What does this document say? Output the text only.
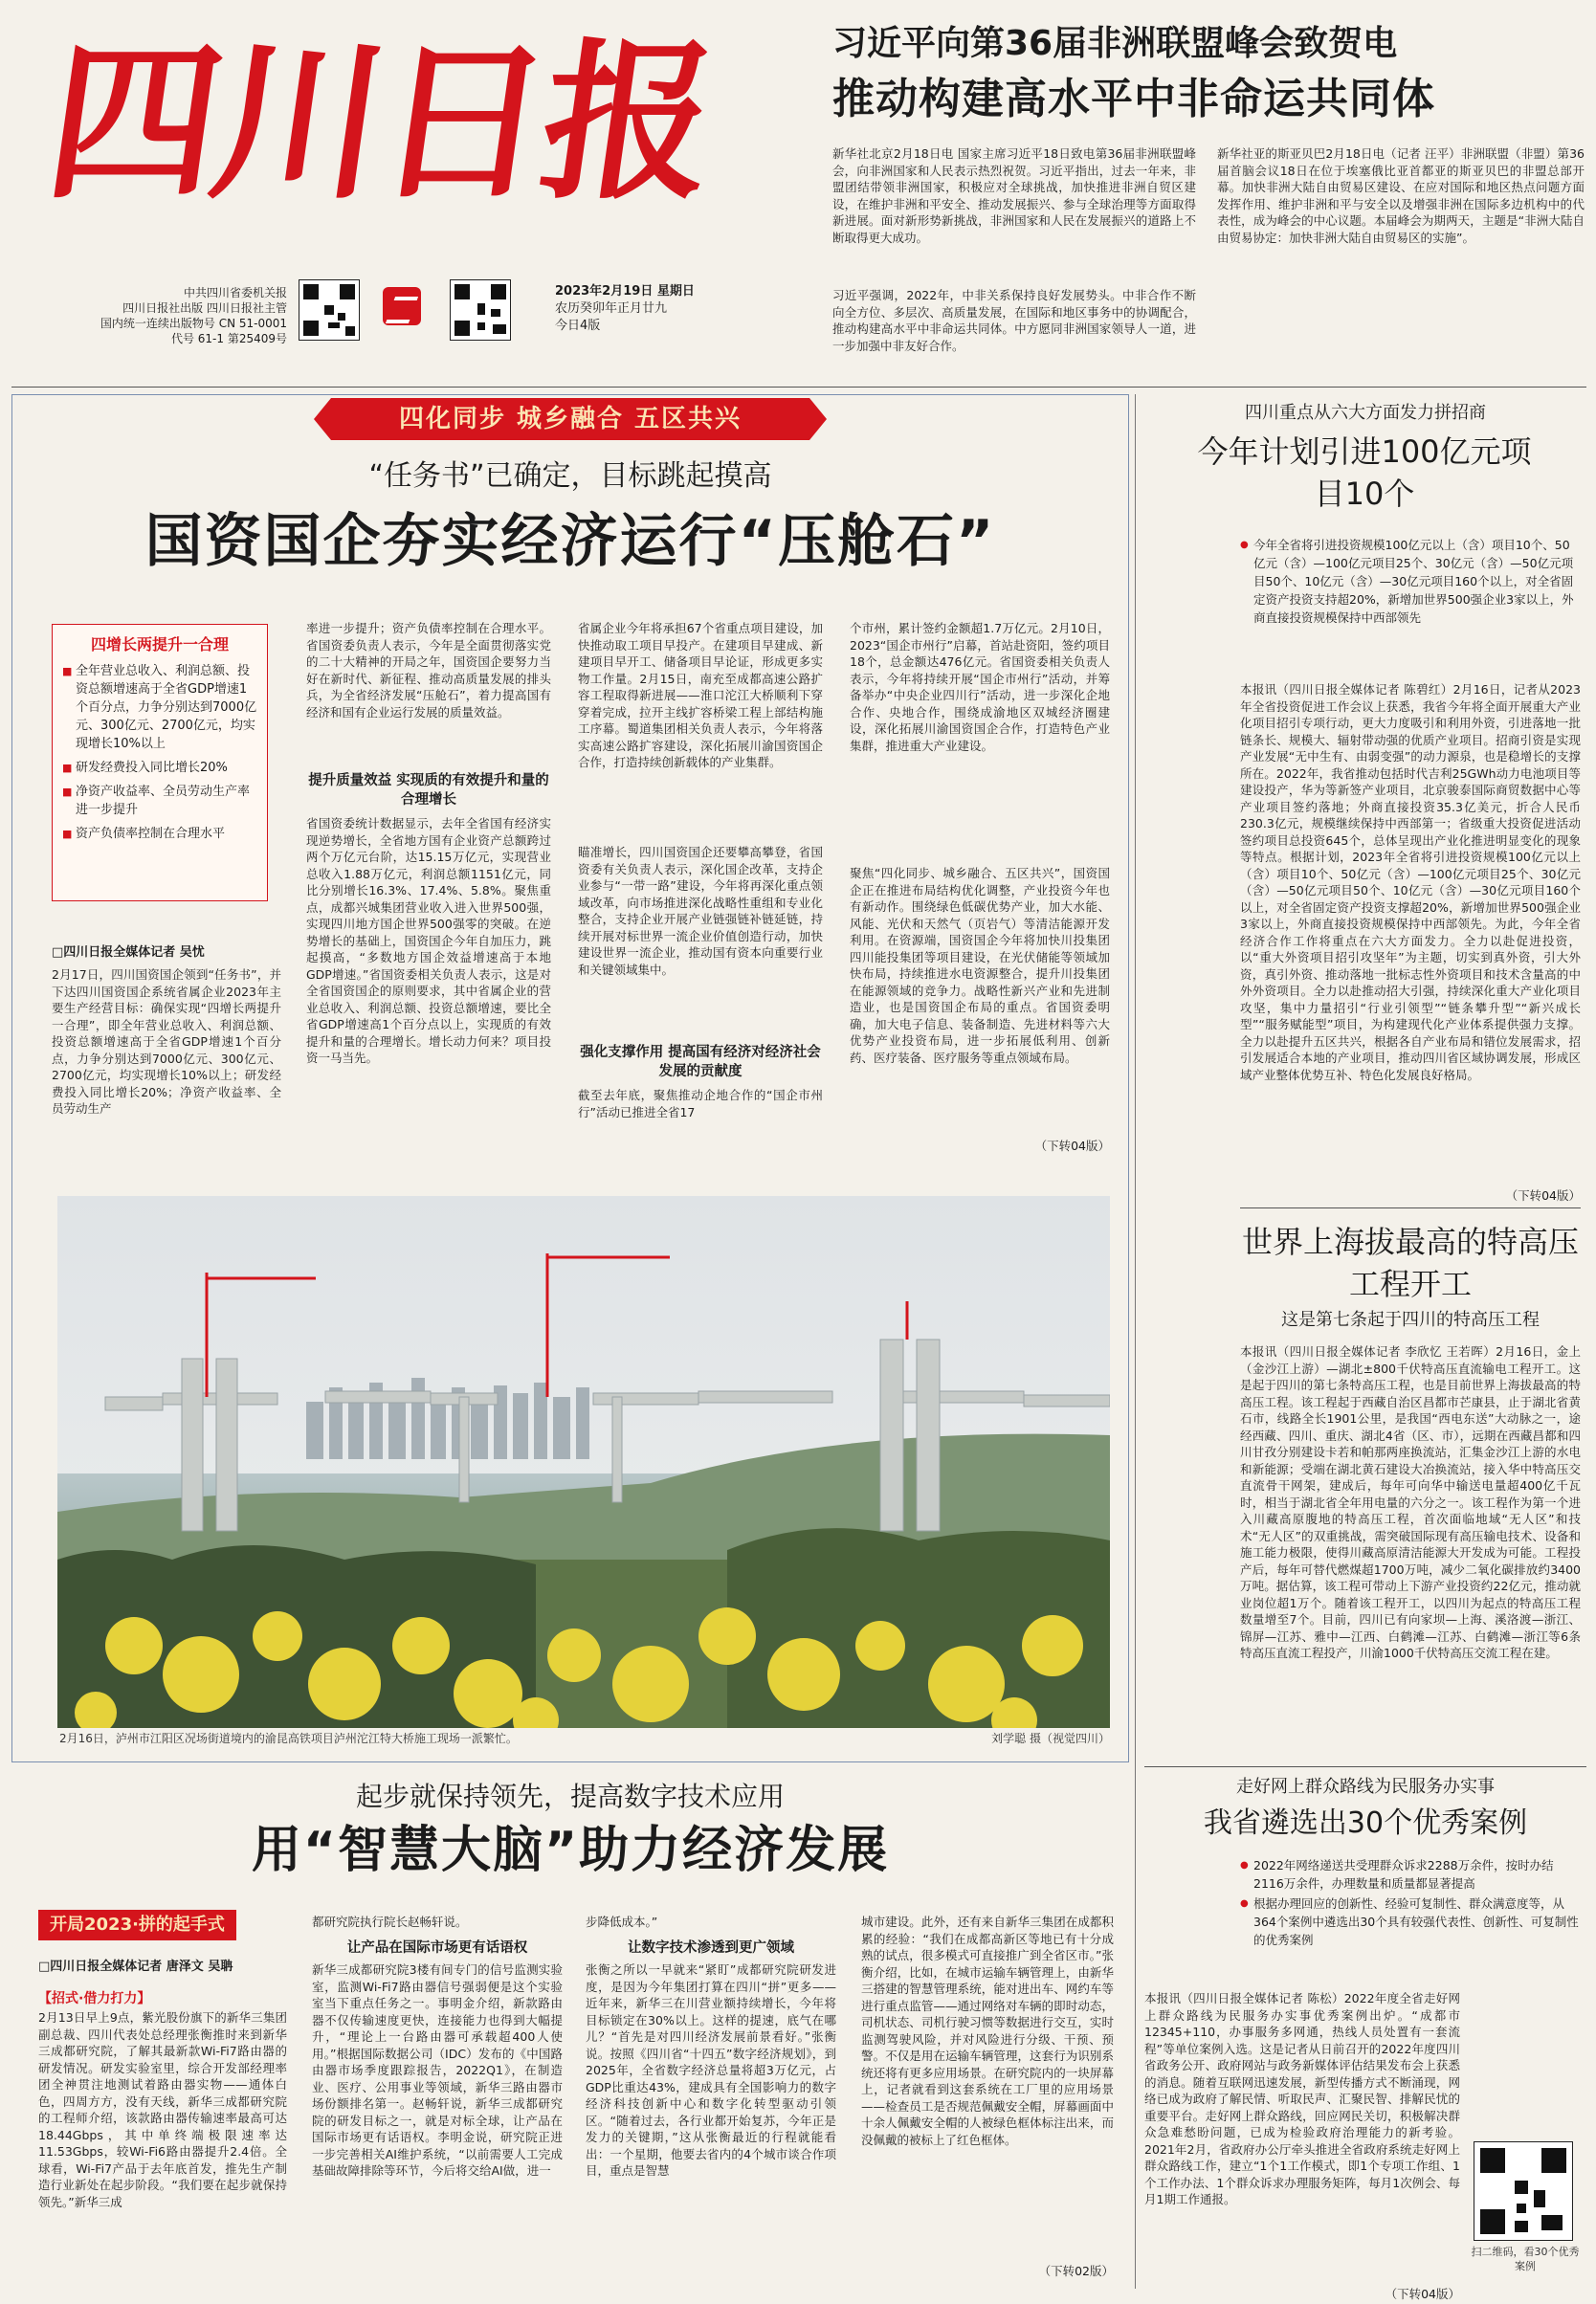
四川日报
中共四川省委机关报
四川日报社出版 四川日报社主管
国内统一连续出版物号 CN 51-0001
代号 61-1 第25409号
2023年2月19日 星期日
农历癸卯年正月廿九
今日4版
习近平向第36届非洲联盟峰会致贺电
推动构建高水平中非命运共同体
新华社北京2月18日电 国家主席习近平18日致电第36届非洲联盟峰会，向非洲国家和人民表示热烈祝贺。习近平指出，过去一年来，非盟团结带领非洲国家，积极应对全球挑战，加快推进非洲自贸区建设，在维护非洲和平安全、推动发展振兴、参与全球治理等方面取得新进展。面对新形势新挑战，非洲国家和人民在发展振兴的道路上不断取得更大成功。
习近平强调，2022年，中非关系保持良好发展势头。中非合作不断向全方位、多层次、高质量发展，在国际和地区事务中的协调配合，推动构建高水平中非命运共同体。中方愿同非洲国家领导人一道，进一步加强中非友好合作。
新华社亚的斯亚贝巴2月18日电（记者 汪平）非洲联盟（非盟）第36届首脑会议18日在位于埃塞俄比亚首都亚的斯亚贝巴的非盟总部开幕。加快非洲大陆自由贸易区建设、在应对国际和地区热点问题方面发挥作用、维护非洲和平与安全以及增强非洲在国际多边机构中的代表性，成为峰会的中心议题。本届峰会为期两天，主题是“非洲大陆自由贸易协定：加快非洲大陆自由贸易区的实施”。
四化同步 城乡融合 五区共兴
“任务书”已确定，目标跳起摸高
国资国企夯实经济运行“压舱石”
四增长两提升一合理
■ 全年营业总收入、利润总额、投资总额增速高于全省GDP增速1个百分点，力争分别达到7000亿元、300亿元、2700亿元，均实现增长10%以上
■ 研发经费投入同比增长20%
■ 净资产收益率、全员劳动生产率进一步提升
■ 资产负债率控制在合理水平
□四川日报全媒体记者 吴忧
2月17日，四川国资国企领到“任务书”，并下达四川国资国企系统省属企业2023年主要生产经营目标：确保实现“四增长两提升一合理”，即全年营业总收入、利润总额、投资总额增速高于全省GDP增速1个百分点，力争分别达到7000亿元、300亿元、2700亿元，均实现增长10%以上；研发经费投入同比增长20%；净资产收益率、全员劳动生产
率进一步提升；资产负债率控制在合理水平。省国资委负责人表示，今年是全面贯彻落实党的二十大精神的开局之年，国资国企要努力当好在新时代、新征程、推动高质量发展的排头兵，为全省经济发展“压舱石”，着力提高国有经济和国有企业运行发展的质量效益。
提升质量效益 实现质的有效提升和量的合理增长
省国资委统计数据显示，去年全省国有经济实现逆势增长，全省地方国有企业资产总额跨过两个万亿元台阶，达15.15万亿元，实现营业总收入1.88万亿元，利润总额1151亿元，同比分别增长16.3%、17.4%、5.8%。聚焦重点，成都兴城集团营业收入进入世界500强，实现四川地方国企世界500强零的突破。在逆势增长的基础上，国资国企今年自加压力，跳起摸高，“多数地方国企效益增速高于本地GDP增速。”省国资委相关负责人表示，这是对全省国资国企的原则要求，其中省属企业的营业总收入、利润总额、投资总额增速，要比全省GDP增速高1个百分点以上，实现质的有效提升和量的合理增长。增长动力何来？项目投资一马当先。
省属企业今年将承担67个省重点项目建设，加快推动取工项目早投产。在建项目早建成、新建项目早开工、储备项目早论证，形成更多实物工作量。2月15日，南充至成都高速公路扩容工程取得新进展——淮口沱江大桥顺利下穿穿着完成，拉开主线扩容桥梁工程上部结构施工序幕。蜀道集团相关负责人表示，今年将落实高速公路扩容建设，深化拓展川渝国资国企合作，打造持续创新载体的产业集群。
瞄准增长，四川国资国企还要攀高攀登，省国资委有关负责人表示，深化国企改革，支持企业参与“一带一路”建设，今年将再深化重点领域改革，向市场推进深化战略性重组和专业化整合，支持企业开展产业链强链补链延链，持续开展对标世界一流企业价值创造行动，加快建设世界一流企业，推动国有资本向重要行业和关键领域集中。
强化支撑作用 提高国有经济对经济社会发展的贡献度
截至去年底，聚焦推动企地合作的“国企市州行”活动已推进全省17
个市州，累计签约金额超1.7万亿元。2月10日，2023“国企市州行”启幕，首站赴资阳，签约项目18个，总金额达476亿元。省国资委相关负责人表示，今年将持续开展“国企市州行”活动，并筹备举办“中央企业四川行”活动，进一步深化企地合作、央地合作，围绕成渝地区双城经济圈建设，深化拓展川渝国资国企合作，打造特色产业集群，推进重大产业建设。
聚焦“四化同步、城乡融合、五区共兴”，国资国企正在推进布局结构优化调整，产业投资今年也有新动作。围绕绿色低碳优势产业，加大水能、风能、光伏和天然气（页岩气）等清洁能源开发利用。在资源端，国资国企今年将加快川投集团四川能投集团等项目建设，在光伏储能等领域加快布局，持续推进水电资源整合，提升川投集团在能源领域的竞争力。战略性新兴产业和先进制造业，也是国资国企布局的重点。省国资委明确，加大电子信息、装备制造、先进材料等六大优势产业投资布局，进一步拓展低利用、创新药、医疗装备、医疗服务等重点领域布局。
（下转04版）
2月16日，泸州市江阳区况场街道境内的渝昆高铁项目泸州沱江特大桥施工现场一派繁忙。	刘学聪 摄（视觉四川）
起步就保持领先，提高数字技术应用
用“智慧大脑”助力经济发展
开局2023·拼的起手式
□四川日报全媒体记者 唐泽文 吴聃
【招式·借力打力】
2月13日早上9点，紫光股份旗下的新华三集团副总裁、四川代表处总经理张衡推时来到新华三成都研究院，了解其最新款Wi-Fi7路由器的研发情况。研发实验室里，综合开发部经理率团全神贯注地测试着路由器实物——通体白色，四周方方，没有天线，新华三成都研究院的工程师介绍，该款路由器传输速率最高可达18.44Gbps，其中单终端极限速率达11.53Gbps，较Wi-Fi6路由器提升2.4倍。全球看，Wi-Fi7产品于去年底首发，推先生产制造行业新处在起步阶段。“我们要在起步就保持领先。”新华三成
都研究院执行院长赵畅轩说。
让产品在国际市场更有话语权
新华三成都研究院3楼有间专门的信号监测实验室，监测Wi-Fi7路由器信号强弱便是这个实验室当下重点任务之一。事明金介绍，新款路由器不仅传输速度更快，连接能力也得到大幅提升，“理论上一台路由器可承载超400人使用。”根据国际数据公司（IDC）发布的《中国路由器市场季度跟踪报告，2022Q1》，在制造业、医疗、公用事业等领域，新华三路由器市场份额排名第一。赵畅轩说，新华三成都研究院的研发目标之一，就是对标全球，让产品在国际市场更有话语权。李明金说，研究院正进一步完善相关AI维护系统，“以前需要人工完成基础故障排除等环节，今后将交给AI做，进一
步降低成本。”
让数字技术渗透到更广领域
张衡之所以一早就来“紧盯”成都研究院研发进度，是因为今年集团打算在四川“拼”更多——近年来，新华三在川营业额持续增长，今年将目标锁定在30%以上。这样的提速，底气在哪儿？“首先是对四川经济发展前景看好。”张衡说。按照《四川省“十四五”数字经济规划》，到2025年，全省数字经济总量将超3万亿元，占GDP比重达43%，建成具有全国影响力的数字经济科技创新中心和数字化转型驱动引领区。“随着过去，各行业都开始复苏，今年正是发力的关键期，”这从张衡最近的行程就能看出：一个星期，他要去省内的4个城市谈合作项目，重点是智慧
城市建设。此外，还有来自新华三集团在成都积累的经验：“我们在成都高新区等地已有十分成熟的试点，很多模式可直接推广到全省区市。”张衡介绍，比如，在城市运输车辆管理上，由新华三搭建的智慧管理系统，能对进出车、网约车等进行重点监管——通过网络对车辆的即时动态，司机状态、司机行驶习惯等数据进行交互，实时监测驾驶风险，并对风险进行分级、干预、预警。不仅是用在运输车辆管理，这套行为识别系统还将有更多应用场景。在研究院内的一块屏幕上，记者就看到这套系统在工厂里的应用场景——检查员工是否规范佩戴安全帽，屏幕画面中十余人佩戴安全帽的人被绿色框体标注出来，而没佩戴的被标上了红色框体。
（下转02版）
四川重点从六大方面发力拼招商
今年计划引进100亿元项目10个

● 今年全省将引进投资规模100亿元以上（含）项目10个、50亿元（含）—100亿元项目25个、30亿元（含）—50亿元项目50个、10亿元（含）—30亿元项目160个以上，对全省固定资产投资支持超20%，新增加世界500强企业3家以上，外商直接投资规模保持中西部领先

本报讯（四川日报全媒体记者 陈碧红）2月16日，记者从2023年全省投资促进工作会议上获悉，我省今年将全面开展重大产业化项目招引专项行动，更大力度吸引和利用外资，引进落地一批链条长、规模大、辐射带动强的优质产业项目。招商引资是实现产业发展“无中生有、由弱变强”的动力源泉，也是稳增长的支撑所在。2022年，我省推动包括时代吉利25GWh动力电池项目等建设投产，华为等新签产业项目，北京骏泰国际商贸数据中心等产业项目签约落地；外商直接投资35.3亿美元，折合人民币230.3亿元，规模继续保持中西部第一；省级重大投资促进活动签约项目总投资645个，总体呈现出产业化推进明显变化的现象等特点。根据计划，2023年全省将引进投资规模100亿元以上（含）项目10个、50亿元（含）—100亿元项目25个、30亿元（含）—50亿元项目50个、10亿元（含）—30亿元项目160个以上，对全省固定资产投资支撑超20%，新增加世界500强企业3家以上，外商直接投资规模保持中西部领先。为此，今年全省经济合作工作将重点在六大方面发力。全力以赴促进投资，以“重大外资项目招引攻坚年”为主题，切实到真外资，引大外资，真引外资、推动落地一批标志性外资项目和技术含量高的中外外资项目。全力以赴推动招大引强，持续深化重大产业化项目攻坚，集中力量招引“行业引领型”“链条攀升型”“新兴成长型”“服务赋能型”项目，为构建现代化产业体系提供强力支撑。全力以赴提升五区共兴，根据各自产业布局和错位发展需求，招引发展适合本地的产业项目，推动四川省区域协调发展，形成区域产业整体优势互补、特色化发展良好格局。
（下转04版）
世界上海拔最高的特高压工程开工
这是第七条起于四川的特高压工程
本报讯（四川日报全媒体记者 李欣忆 王若晖）2月16日，金上（金沙江上游）—湖北±800千伏特高压直流输电工程开工。这是起于四川的第七条特高压工程，也是目前世界上海拔最高的特高压工程。该工程起于西藏自治区昌都市芒康县，止于湖北省黄石市，线路全长1901公里，是我国“西电东送”大动脉之一，途经西藏、四川、重庆、湖北4省（区、市），远期在西藏昌都和四川甘孜分别建设卡若和帕那两座换流站，汇集金沙江上游的水电和新能源；受端在湖北黄石建设大冶换流站，接入华中特高压交直流骨干网架，建成后，每年可向华中输送电量超400亿千瓦时，相当于湖北省全年用电量的六分之一。该工程作为第一个进入川藏高原腹地的特高压工程，首次面临地域“无人区”和技术“无人区”的双重挑战，需突破国际现有高压输电技术、设备和施工能力极限，使得川藏高原清洁能源大开发成为可能。工程投产后，每年可替代燃煤超1700万吨，减少二氧化碳排放约3400万吨。据估算，该工程可带动上下游产业投资约22亿元，推动就业岗位超1万个。随着该工程开工，以四川为起点的特高压工程数量增至7个。目前，四川已有向家坝—上海、溪洛渡—浙江、锦屏—江苏、雅中—江西、白鹤滩—江苏、白鹤滩—浙江等6条特高压直流工程投产，川渝1000千伏特高压交流工程在建。
走好网上群众路线为民服务办实事
我省遴选出30个优秀案例

● 2022年网络递送共受理群众诉求2288万余件，按时办结2116万余件，办理数量和质量都显著提高

● 根据办理回应的创新性、经验可复制性、群众满意度等，从364个案例中遴选出30个具有较强代表性、创新性、可复制性的优秀案例

本报讯（四川日报全媒体记者 陈松）2022年度全省走好网上群众路线为民服务办实事优秀案例出炉。“成都市12345+110，办事服务多网通，热线人员处置有一套流程”等单位案例入选。这是记者从日前召开的2022年度四川省政务公开、政府网站与政务新媒体评估结果发布会上获悉的消息。随着互联网迅速发展，新型传播方式不断涌现，网络已成为政府了解民情、听取民声、汇聚民智、排解民忧的重要平台。走好网上群众路线，回应网民关切，积极解决群众急难愁盼问题，已成为检验政府治理能力的新考验。2021年2月，省政府办公厅牵头推进全省政府系统走好网上群众路线工作，建立“1个1工作模式，即1个专项工作组、1个工作办法、1个群众诉求办理服务矩阵，每月1次例会、每月1期工作通报。
（下转04版）
扫二维码，看30个优秀案例
